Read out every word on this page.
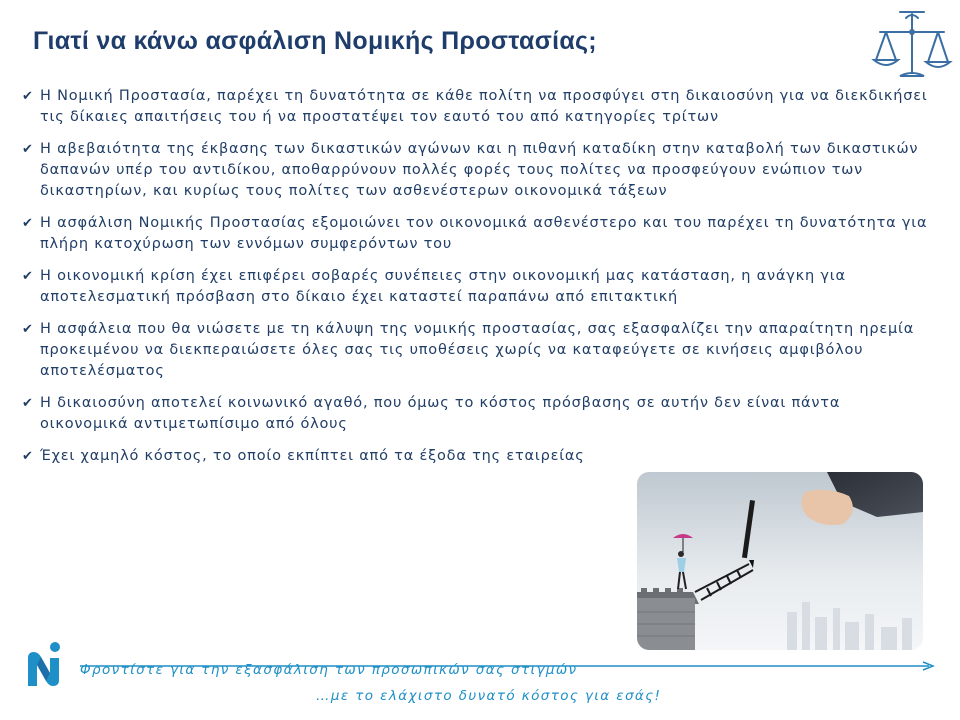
Γιατί να κάνω ασφάλιση Νομικής Προστασίας;
✔ Η Νομική Προστασία, παρέχει τη δυνατότητα σε κάθε πολίτη να προσφύγει στη δικαιοσύνη για να διεκδικήσει τις δίκαιες απαιτήσεις του ή να προστατέψει τον εαυτό του από κατηγορίες τρίτων
✔ Η αβεβαιότητα της έκβασης των δικαστικών αγώνων και η πιθανή καταδίκη στην καταβολή των δικαστικών δαπανών υπέρ του αντιδίκου, αποθαρρύνουν πολλές φορές τους πολίτες να προσφεύγουν ενώπιον των δικαστηρίων, και κυρίως τους πολίτες των ασθενέστερων οικονομικά τάξεων
✔ Η ασφάλιση Νομικής Προστασίας εξομοιώνει τον οικονομικά ασθενέστερο και του παρέχει τη δυνατότητα για πλήρη κατοχύρωση των εννόμων συμφερόντων του
✔ Η οικονομική κρίση έχει επιφέρει σοβαρές συνέπειες στην οικονομική μας κατάσταση, η ανάγκη για αποτελεσματική πρόσβαση στο δίκαιο έχει καταστεί παραπάνω από επιτακτική
✔ Η ασφάλεια που θα νιώσετε με τη κάλυψη της νομικής προστασίας, σας εξασφαλίζει την απαραίτητη ηρεμία προκειμένου να διεκπεραιώσετε όλες σας τις υποθέσεις χωρίς να καταφεύγετε σε κινήσεις αμφιβόλου αποτελέσματος
✔ Η δικαιοσύνη αποτελεί κοινωνικό αγαθό, που όμως το κόστος πρόσβασης σε αυτήν δεν είναι πάντα οικονομικά αντιμετωπίσιμο από όλους
✔ Έχει χαμηλό κόστος, το οποίο εκπίπτει από τα έξοδα της εταιρείας
Φροντίστε για την εξασφάλιση των προσωπικών σας στιγμών
…με το ελάχιστο δυνατό κόστος για εσάς!
